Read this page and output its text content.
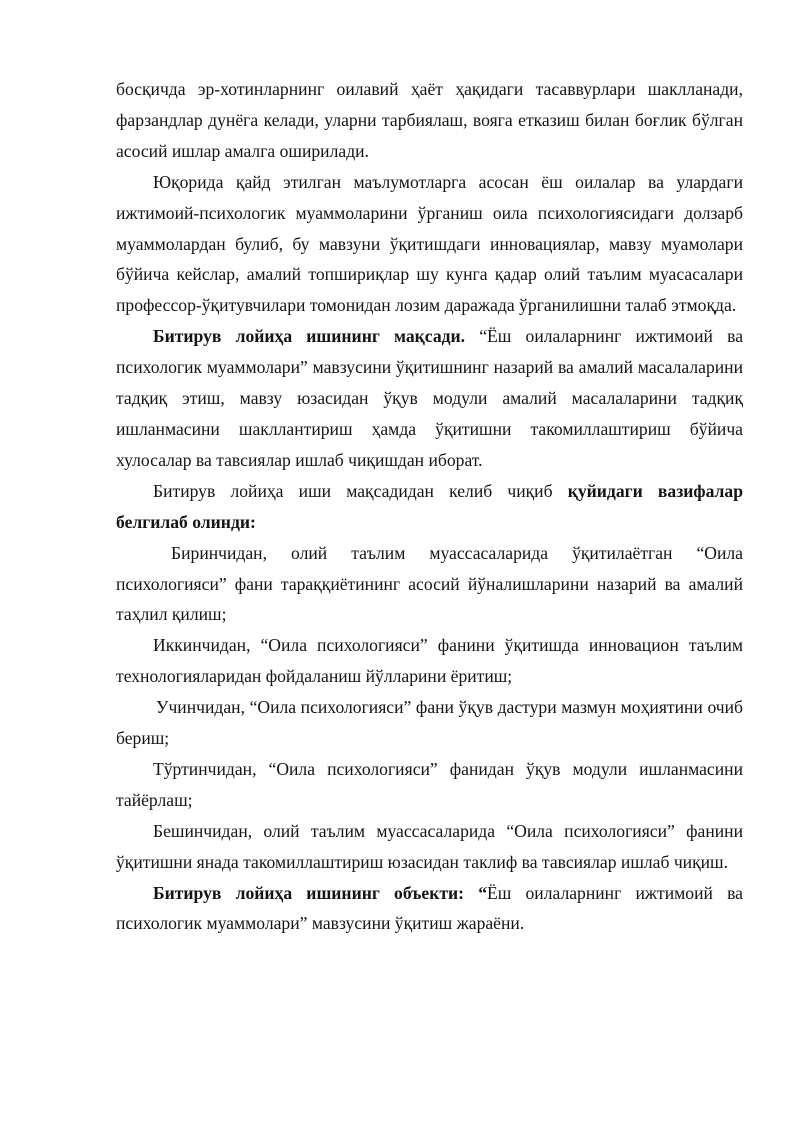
босқичда эр-хотинларнинг оилавий ҳаёт ҳақидаги тасаввурлари шаклланади, фарзандлар дунёга келади, уларни тарбиялаш, вояга етказиш билан боғлик бўлган асосий ишлар амалга оширилади.

Юқорида қайд этилган маълумотларга асосан ёш оилалар ва улардаги ижтимоий-психологик муаммоларини ўрганиш оила психологиясидаги долзарб муаммолардан булиб, бу мавзуни ўқитишдаги инновациялар, мавзу муамолари бўйича кейслар, амалий топшириқлар шу кунга қадар олий таълим муасасалари профессор-ўқитувчилари томонидан лозим даражада ўрганилишни талаб этмоқда.

Битирув лойиҳа ишининг мақсади. “Ёш оилаларнинг ижтимоий ва психологик муаммолари” мавзусини ўқитишнинг назарий ва амалий масалаларини тадқиқ этиш, мавзу юзасидан ўқув модули амалий масалаларини тадқиқ ишланмасини шакллантириш ҳамда ўқитишни такомиллаштириш бўйича хулосалар ва тавсиялар ишлаб чиқишдан иборат.

Битирув лойиҳа иши мақсадидан келиб чиқиб қуйидаги вазифалар белгилаб олинди:

Биринчидан, олий таълим муассасаларида ўқитилаётган “Оила психологияси” фани тараққиётининг асосий йўналишларини назарий ва амалий таҳлил қилиш;

Иккинчидан, “Оила психологияси” фанини ўқитишда инновацион таълим технологияларидан фойдаланиш йўлларини ёритиш;

Учинчидан, “Оила психологияси” фани ўқув дастури мазмун моҳиятини очиб бериш;

Тўртинчидан, “Оила психологияси” фанидан ўқув модули ишланмасини тайёрлаш;

Бешинчидан, олий таълим муассасаларида “Оила психологияси” фанини ўқитишни янада такомиллаштириш юзасидан таклиф ва тавсиялар ишлаб чиқиш.

Битирув лойиҳа ишининг объекти: “Ёш оилаларнинг ижтимоий ва психологик муаммолари” мавзусини ўқитиш жараёни.
